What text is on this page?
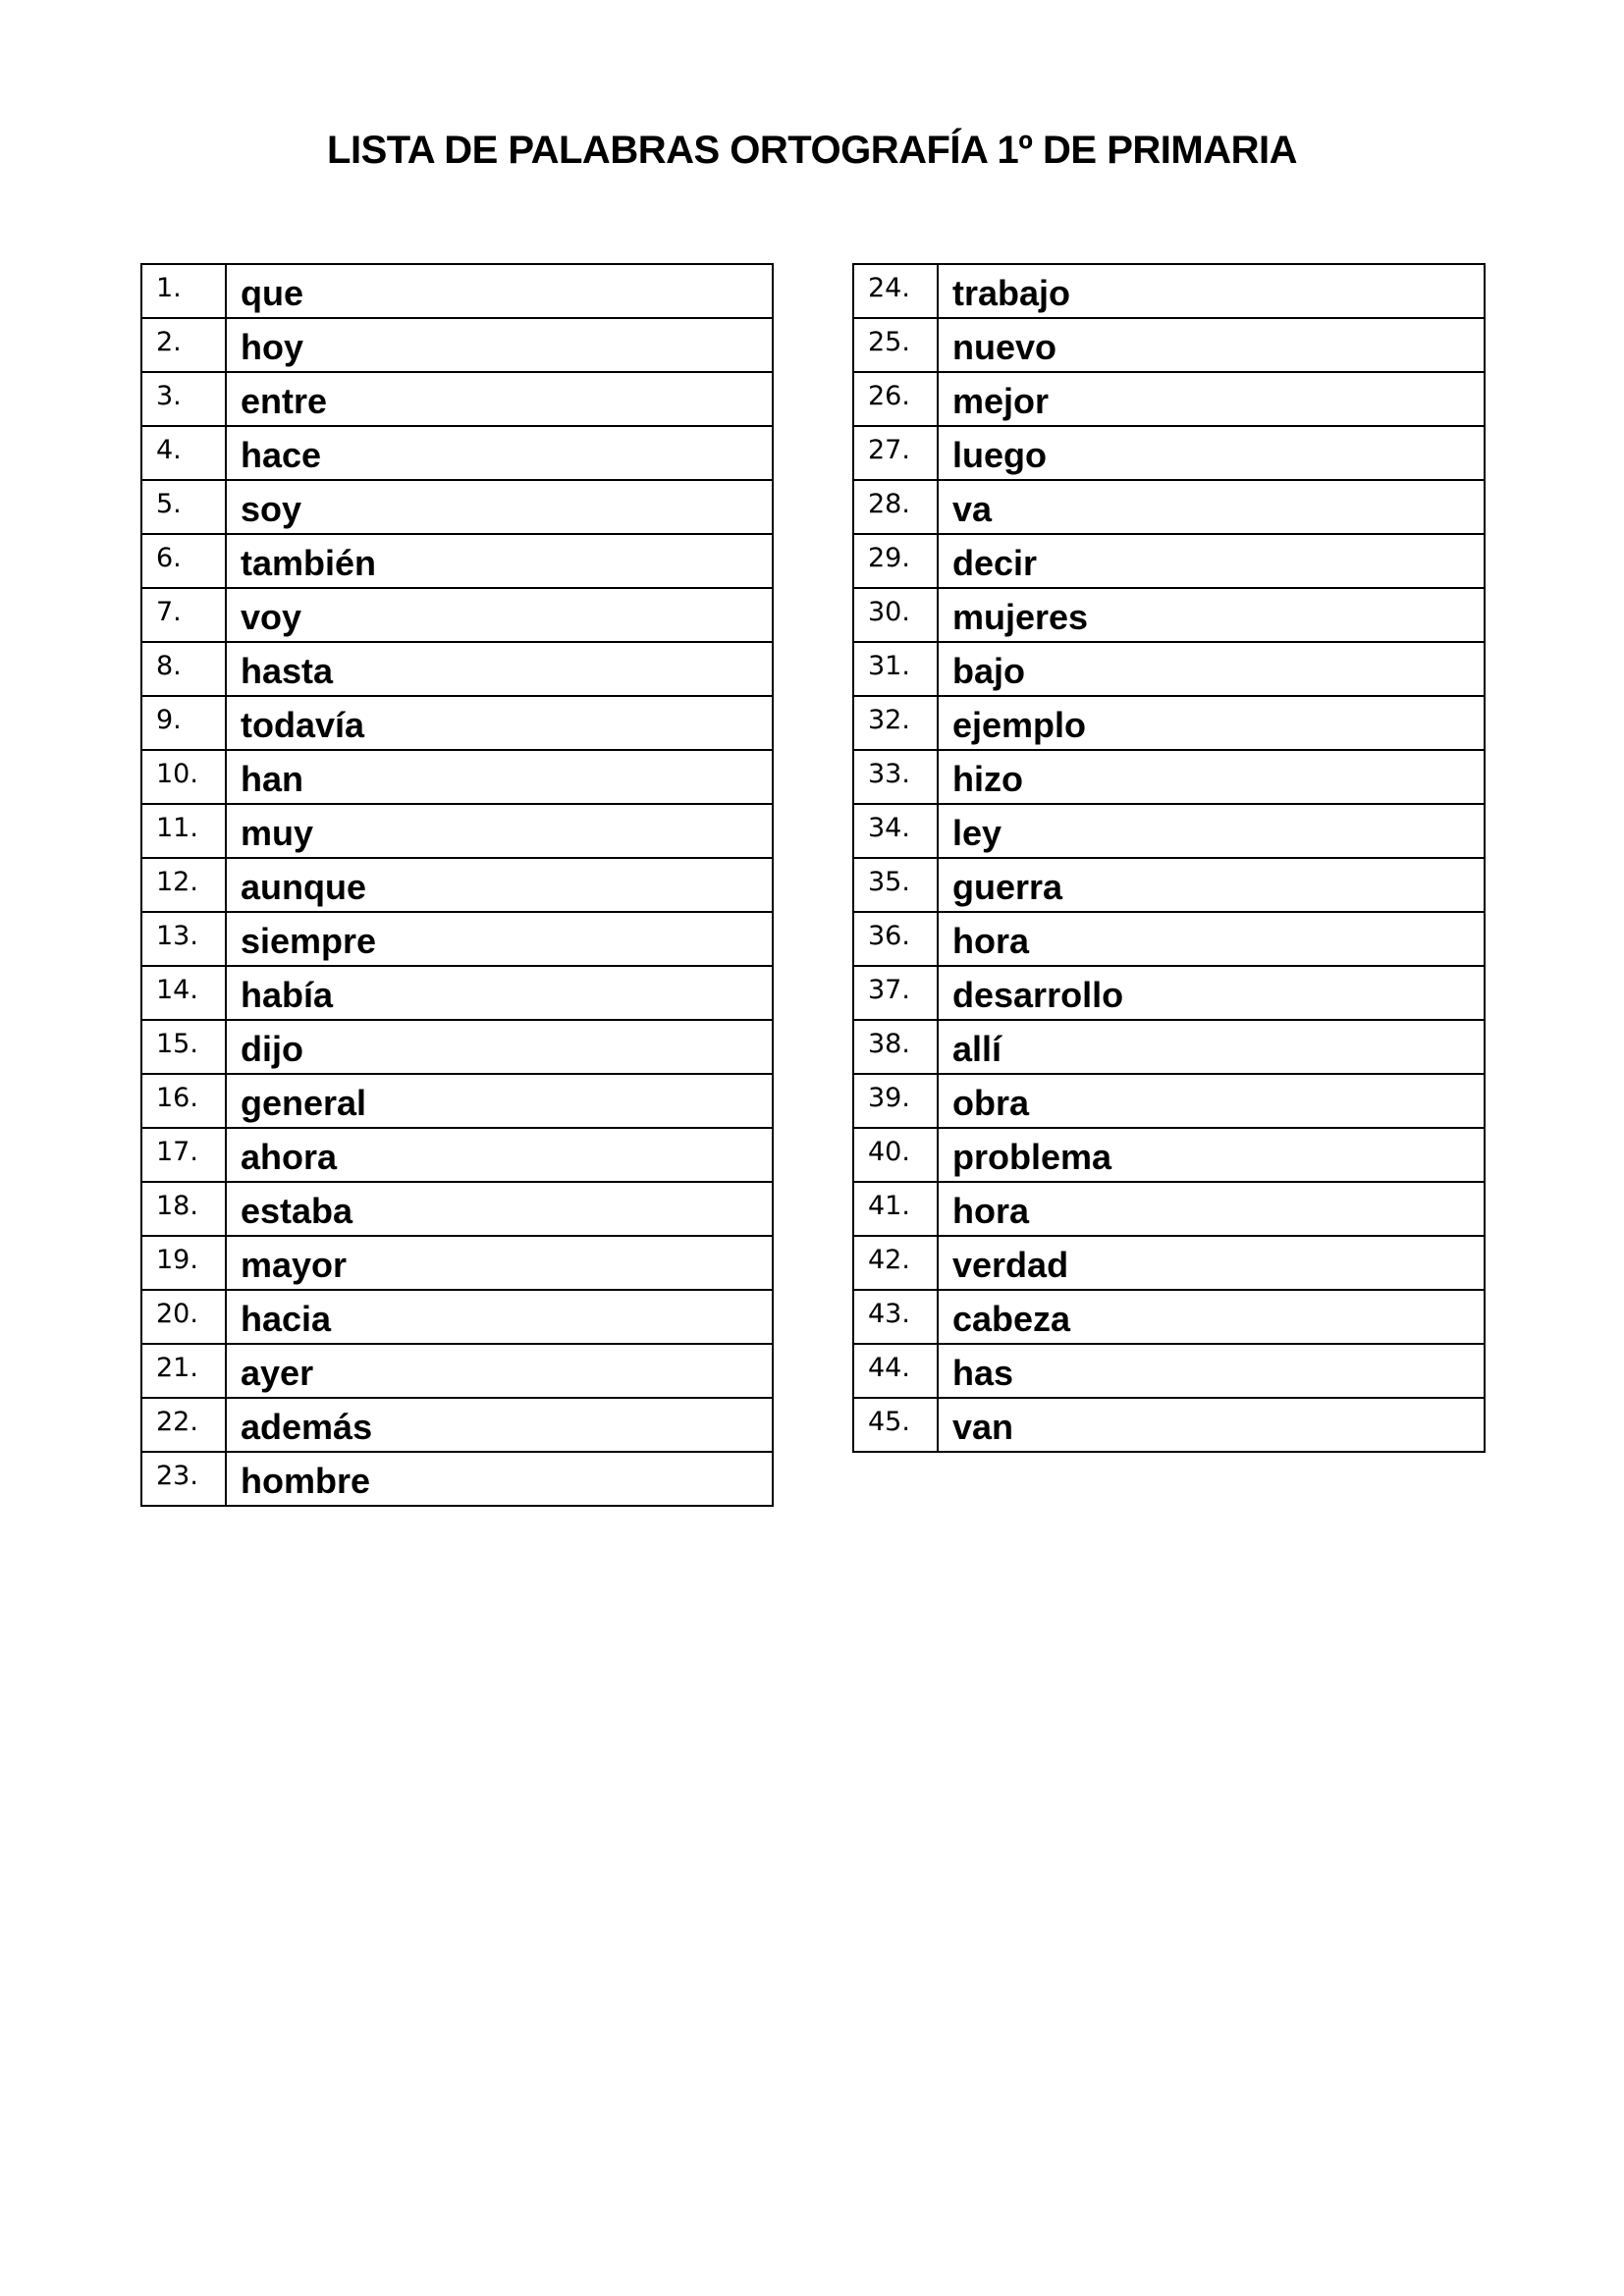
LISTA DE PALABRAS ORTOGRAFÍA 1º DE PRIMARIA
1.	que
2.	hoy
3.	entre
4.	hace
5.	soy
6.	también
7.	voy
8.	hasta
9.	todavía
10.	han
11.	muy
12.	aunque
13.	siempre
14.	había
15.	dijo
16.	general
17.	ahora
18.	estaba
19.	mayor
20.	hacia
21.	ayer
22.	además
23.	hombre
24.	trabajo
25.	nuevo
26.	mejor
27.	luego
28.	va
29.	decir
30.	mujeres
31.	bajo
32.	ejemplo
33.	hizo
34.	ley
35.	guerra
36.	hora
37.	desarrollo
38.	allí
39.	obra
40.	problema
41.	hora
42.	verdad
43.	cabeza
44.	has
45.	van
